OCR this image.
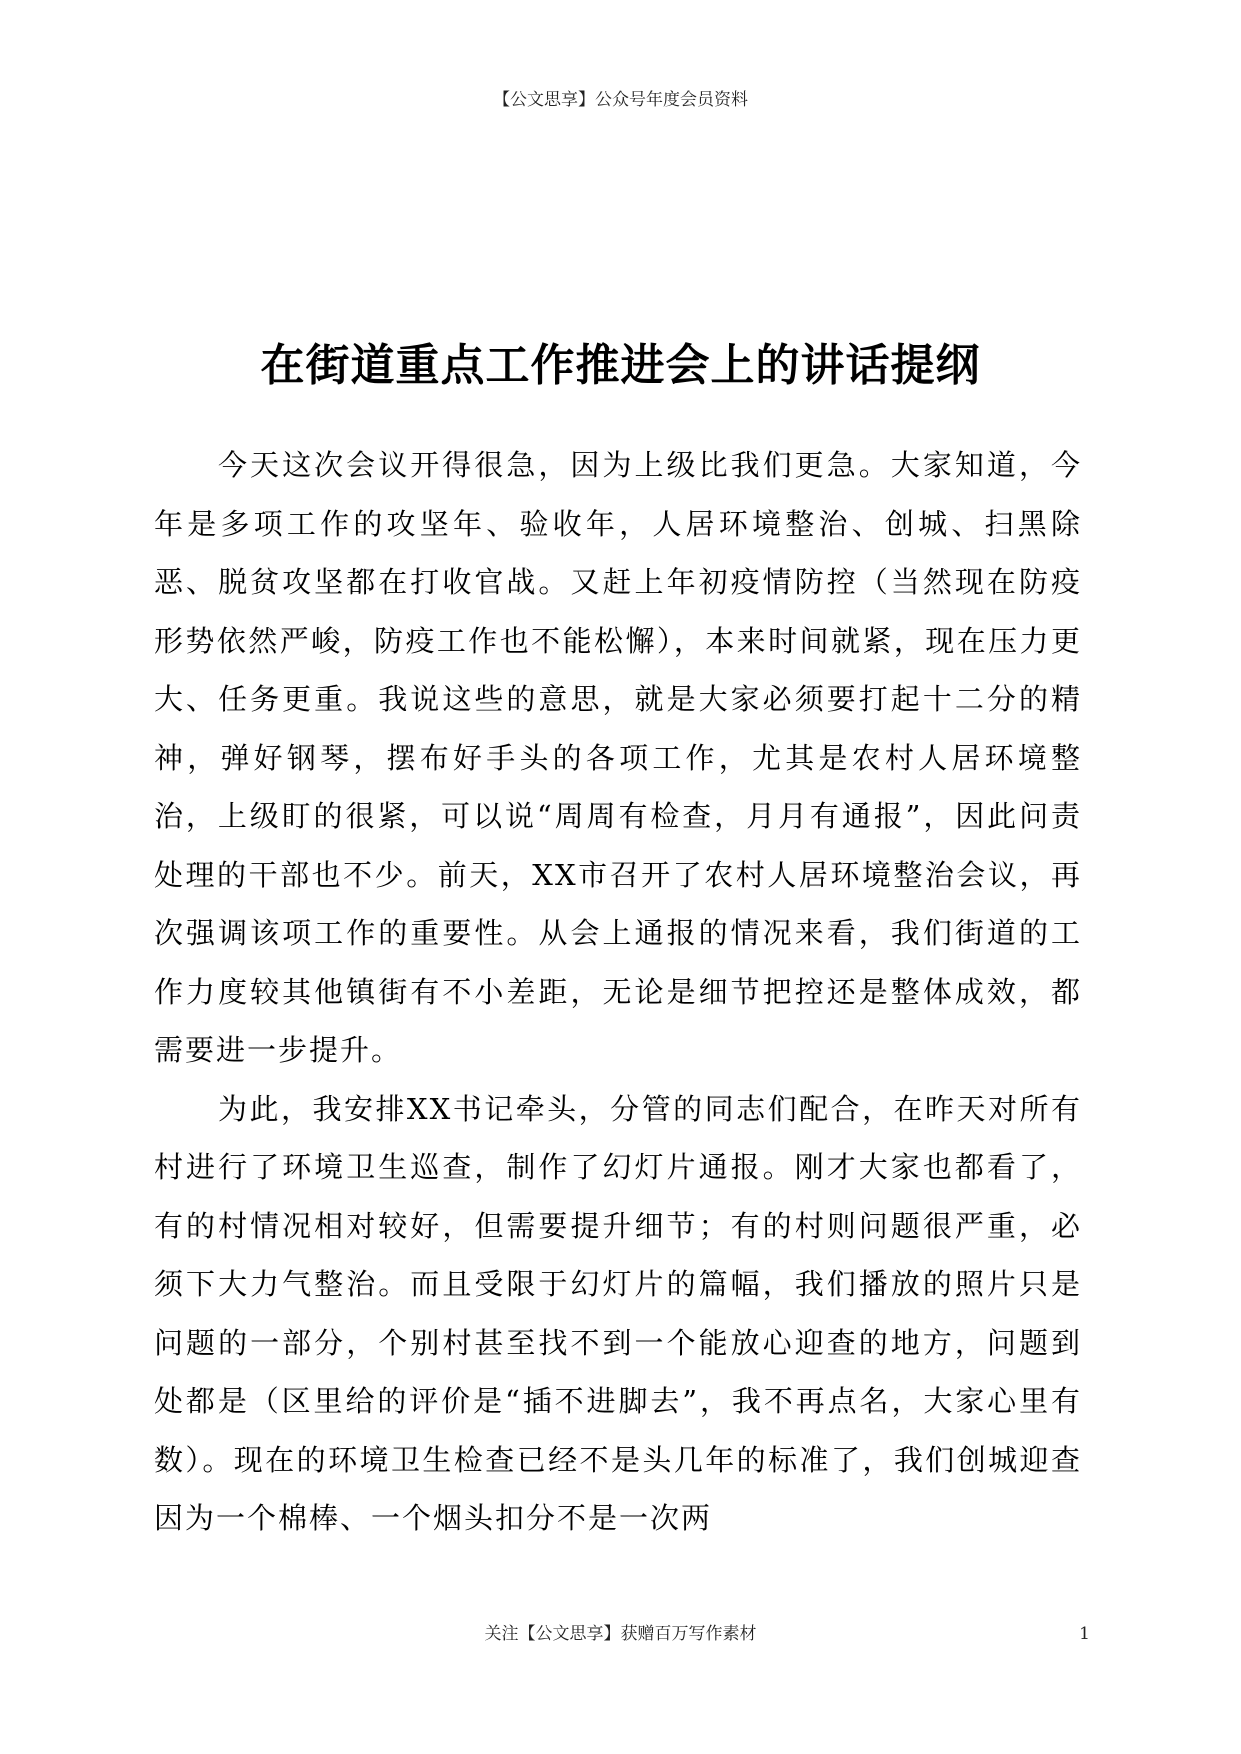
【公文思享】公众号年度会员资料
在街道重点工作推进会上的讲话提纲

今天这次会议开得很急，因为上级比我们更急。大家知道，今年是多项工作的攻坚年、验收年，人居环境整治、创城、扫黑除恶、脱贫攻坚都在打收官战。又赶上年初疫情防控（当然现在防疫形势依然严峻，防疫工作也不能松懈），本来时间就紧，现在压力更大、任务更重。我说这些的意思，就是大家必须要打起十二分的精神，弹好钢琴，摆布好手头的各项工作，尤其是农村人居环境整治，上级盯的很紧，可以说“周周有检查，月月有通报”，因此问责处理的干部也不少。前天，XX市召开了农村人居环境整治会议，再次强调该项工作的重要性。从会上通报的情况来看，我们街道的工作力度较其他镇街有不小差距，无论是细节把控还是整体成效，都需要进一步提升。

为此，我安排XX书记牵头，分管的同志们配合，在昨天对所有村进行了环境卫生巡查，制作了幻灯片通报。刚才大家也都看了，有的村情况相对较好，但需要提升细节；有的村则问题很严重，必须下大力气整治。而且受限于幻灯片的篇幅，我们播放的照片只是问题的一部分，个别村甚至找不到一个能放心迎查的地方，问题到处都是（区里给的评价是“插不进脚去”，我不再点名，大家心里有数）。现在的环境卫生检查已经不是头几年的标准了，我们创城迎查因为一个棉棒、一个烟头扣分不是一次两

关注【公文思享】获赠百万写作素材	1
